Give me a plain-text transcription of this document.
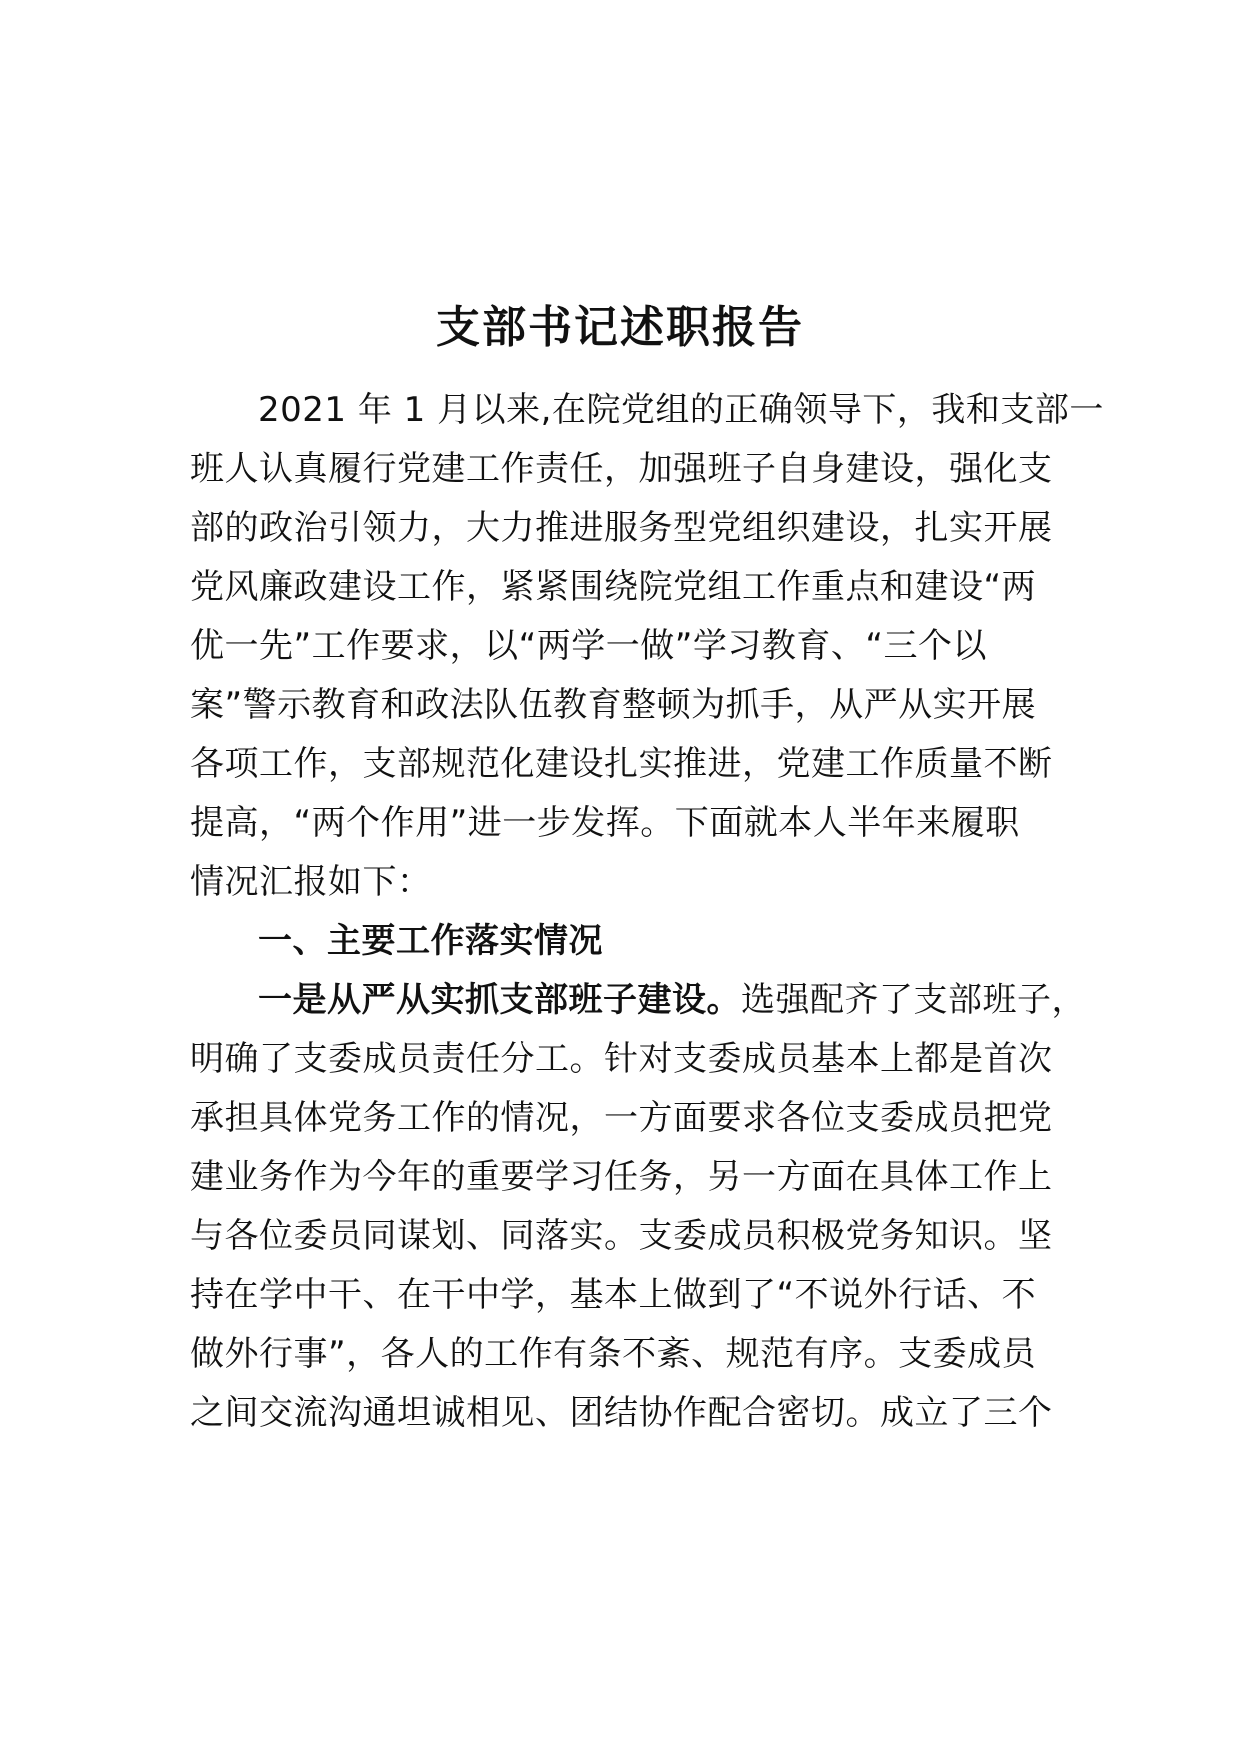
支部书记述职报告
2021 年 1 月以来,在院党组的正确领导下，我和支部一
班人认真履行党建工作责任，加强班子自身建设，强化支
部的政治引领力，大力推进服务型党组织建设，扎实开展
党风廉政建设工作，紧紧围绕院党组工作重点和建设“两
优一先”工作要求，以“两学一做”学习教育、“三个以
案”警示教育和政法队伍教育整顿为抓手，从严从实开展
各项工作，支部规范化建设扎实推进，党建工作质量不断
提高，“两个作用”进一步发挥。下面就本人半年来履职
情况汇报如下：
一、主要工作落实情况
一是从严从实抓支部班子建设。选强配齐了支部班子，
明确了支委成员责任分工。针对支委成员基本上都是首次
承担具体党务工作的情况，一方面要求各位支委成员把党
建业务作为今年的重要学习任务，另一方面在具体工作上
与各位委员同谋划、同落实。支委成员积极党务知识。坚
持在学中干、在干中学，基本上做到了“不说外行话、不
做外行事”，各人的工作有条不紊、规范有序。支委成员
之间交流沟通坦诚相见、团结协作配合密切。成立了三个
